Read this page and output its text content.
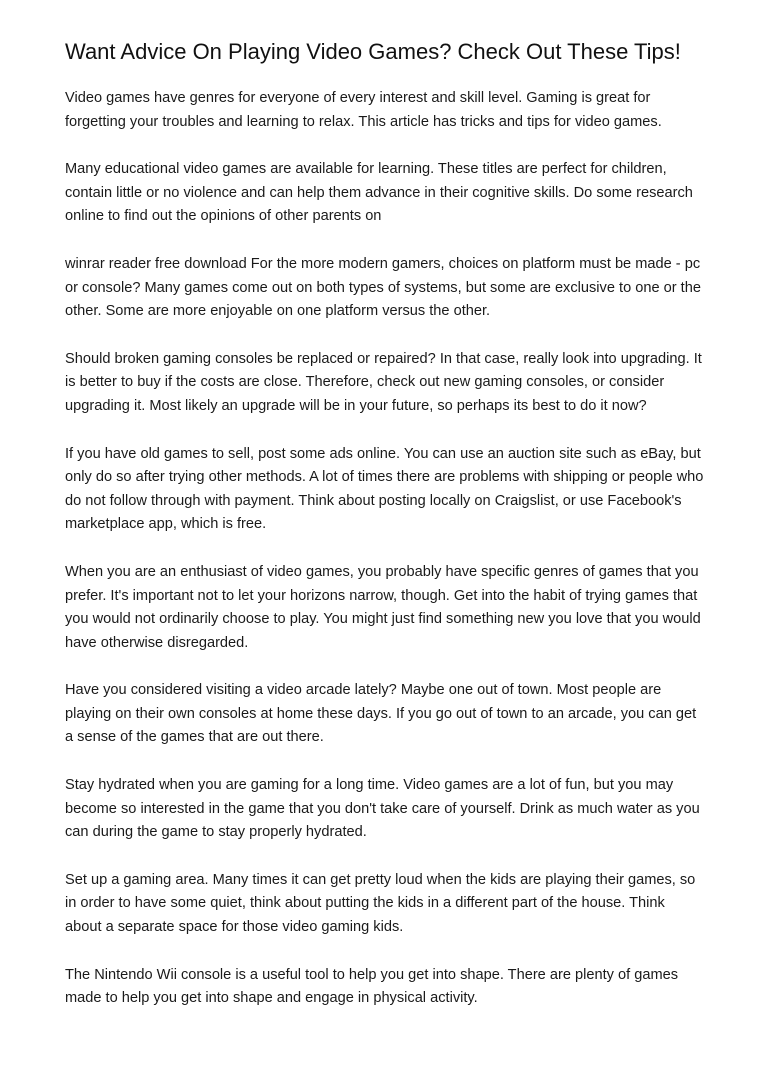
Want Advice On Playing Video Games? Check Out These Tips!

Video games have genres for everyone of every interest and skill level. Gaming is great for forgetting your troubles and learning to relax. This article has tricks and tips for video games.

Many educational video games are available for learning. These titles are perfect for children, contain little or no violence and can help them advance in their cognitive skills. Do some research online to find out the opinions of other parents on

winrar reader free download For the more modern gamers, choices on platform must be made - pc or console? Many games come out on both types of systems, but some are exclusive to one or the other. Some are more enjoyable on one platform versus the other.

Should broken gaming consoles be replaced or repaired? In that case, really look into upgrading. It is better to buy if the costs are close. Therefore, check out new gaming consoles, or consider upgrading it. Most likely an upgrade will be in your future, so perhaps its best to do it now?

If you have old games to sell, post some ads online. You can use an auction site such as eBay, but only do so after trying other methods. A lot of times there are problems with shipping or people who do not follow through with payment. Think about posting locally on Craigslist, or use Facebook's marketplace app, which is free.

When you are an enthusiast of video games, you probably have specific genres of games that you prefer. It's important not to let your horizons narrow, though. Get into the habit of trying games that you would not ordinarily choose to play. You might just find something new you love that you would have otherwise disregarded.

Have you considered visiting a video arcade lately? Maybe one out of town. Most people are playing on their own consoles at home these days. If you go out of town to an arcade, you can get a sense of the games that are out there.

Stay hydrated when you are gaming for a long time. Video games are a lot of fun, but you may become so interested in the game that you don't take care of yourself. Drink as much water as you can during the game to stay properly hydrated.

Set up a gaming area. Many times it can get pretty loud when the kids are playing their games, so in order to have some quiet, think about putting the kids in a different part of the house. Think about a separate space for those video gaming kids.

The Nintendo Wii console is a useful tool to help you get into shape. There are plenty of games made to help you get into shape and engage in physical activity.
